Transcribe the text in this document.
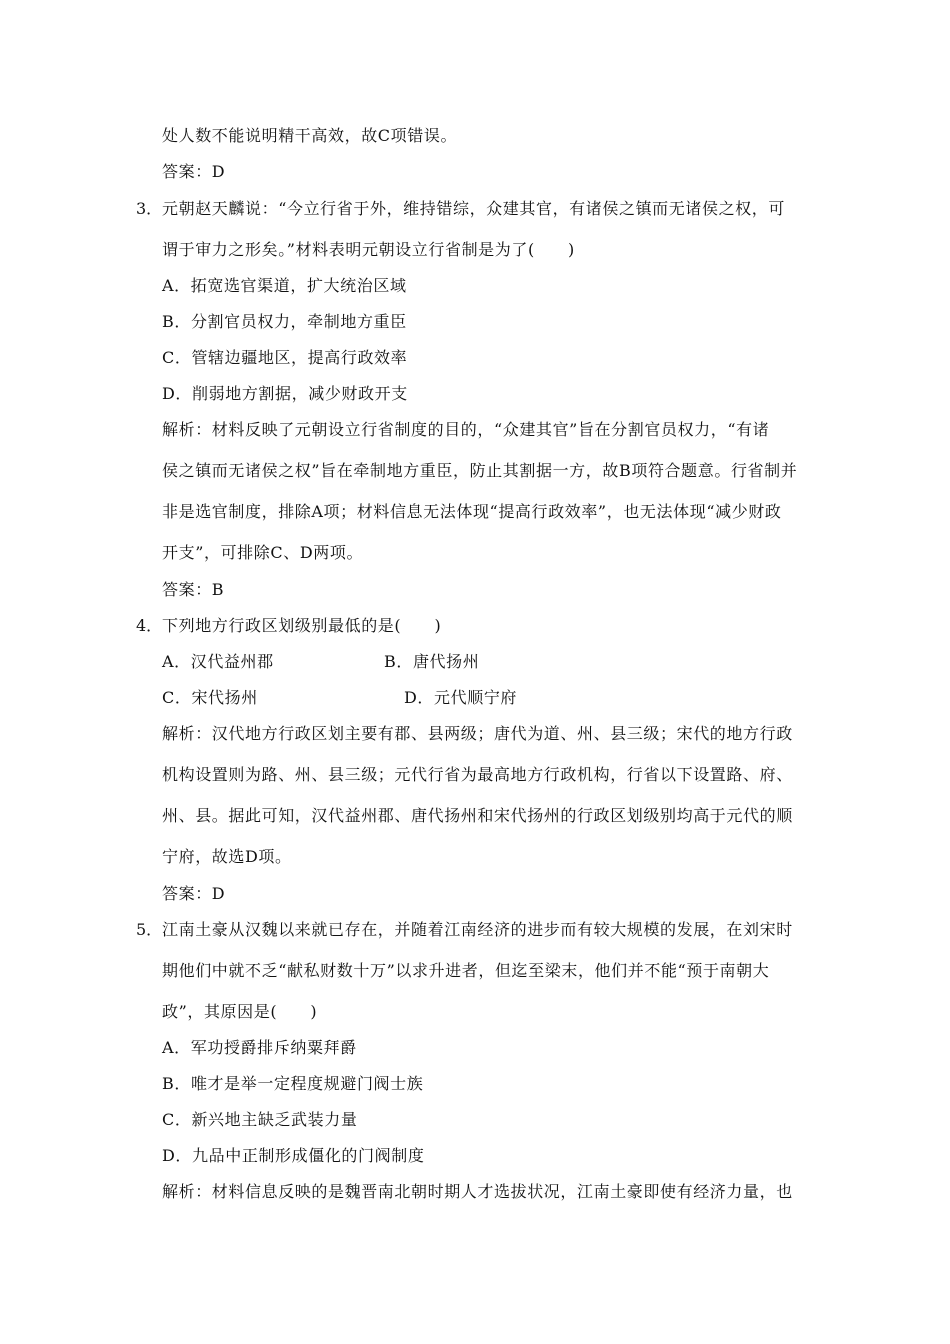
处人数不能说明精干高效，故C项错误。
答案：D
3． 元朝赵天麟说：“今立行省于外，维持错综，众建其官，有诸侯之镇而无诸侯之权，可
谓于审力之形矣。”材料表明元朝设立行省制是为了(　　)
A．拓宽选官渠道，扩大统治区域
B．分割官员权力，牵制地方重臣
C．管辖边疆地区，提高行政效率
D．削弱地方割据，减少财政开支
解析：材料反映了元朝设立行省制度的目的，“众建其官”旨在分割官员权力，“有诸
侯之镇而无诸侯之权”旨在牵制地方重臣，防止其割据一方，故B项符合题意。行省制并
非是选官制度，排除A项；材料信息无法体现“提高行政效率”，也无法体现“减少财政
开支”，可排除C、D两项。
答案：B
4． 下列地方行政区划级别最低的是(　　)
A．汉代益州郡	B．唐代扬州
C．宋代扬州	D．元代顺宁府
解析：汉代地方行政区划主要有郡、县两级；唐代为道、州、县三级；宋代的地方行政
机构设置则为路、州、县三级；元代行省为最高地方行政机构，行省以下设置路、府、
州、县。据此可知，汉代益州郡、唐代扬州和宋代扬州的行政区划级别均高于元代的顺
宁府，故选D项。
答案：D
5． 江南土豪从汉魏以来就已存在，并随着江南经济的进步而有较大规模的发展，在刘宋时
期他们中就不乏“献私财数十万”以求升进者，但迄至梁末，他们并不能“预于南朝大
政”，其原因是(　　)
A．军功授爵排斥纳粟拜爵
B．唯才是举一定程度规避门阀士族
C．新兴地主缺乏武装力量
D．九品中正制形成僵化的门阀制度
解析：材料信息反映的是魏晋南北朝时期人才选拔状况，江南土豪即使有经济力量，也
